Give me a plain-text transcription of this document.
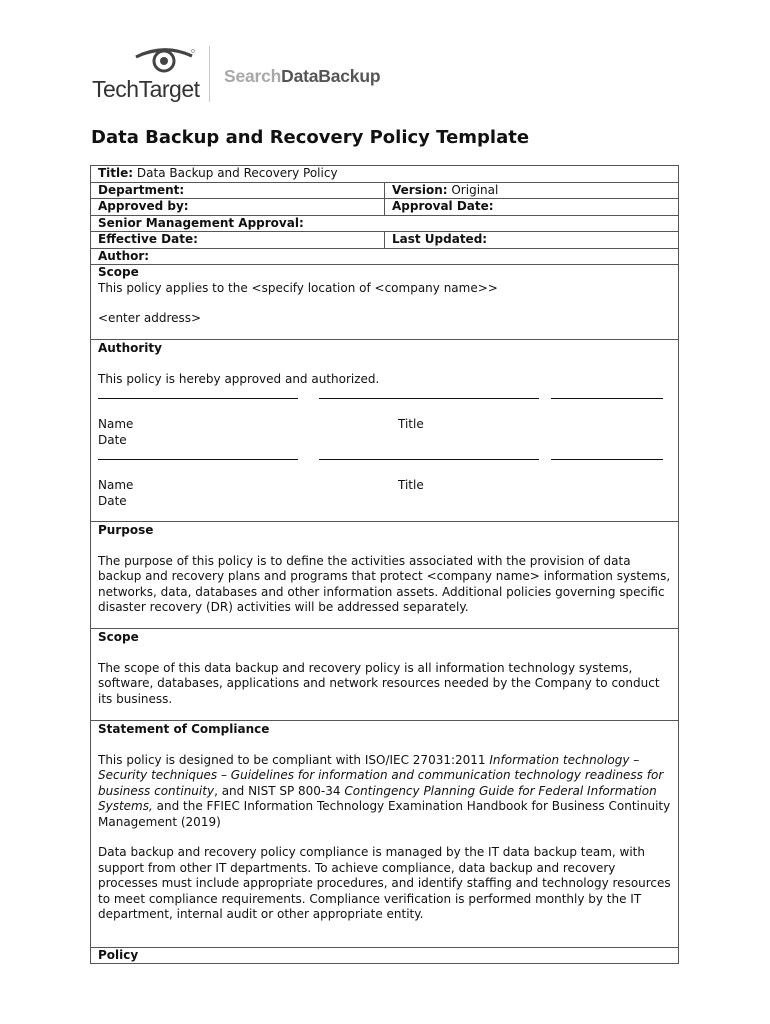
TechTarget SearchDataBackup
Data Backup and Recovery Policy Template
Title: Data Backup and Recovery Policy
Department:	Version: Original
Approved by:	Approval Date:
Senior Management Approval:
Effective Date:	Last Updated:
Author:

Scope

This policy applies to the <specify location of <company name>>

<enter address>

Authority

This policy is hereby approved and authorized.

Name	Title

Date

Name	Title

Date

Purpose

The purpose of this policy is to define the activities associated with the provision of data backup and recovery plans and programs that protect <company name> information systems, networks, data, databases and other information assets. Additional policies governing specific disaster recovery (DR) activities will be addressed separately.

Scope

The scope of this data backup and recovery policy is all information technology systems, software, databases, applications and network resources needed by the Company to conduct its business.

Statement of Compliance

This policy is designed to be compliant with ISO/IEC 27031:2011 Information technology – Security techniques – Guidelines for information and communication technology readiness for business continuity, and NIST SP 800-34 Contingency Planning Guide for Federal Information Systems, and the FFIEC Information Technology Examination Handbook for Business Continuity Management (2019)

Data backup and recovery policy compliance is managed by the IT data backup team, with support from other IT departments. To achieve compliance, data backup and recovery processes must include appropriate procedures, and identify staffing and technology resources to meet compliance requirements. Compliance verification is performed monthly by the IT department, internal audit or other appropriate entity.

Policy
